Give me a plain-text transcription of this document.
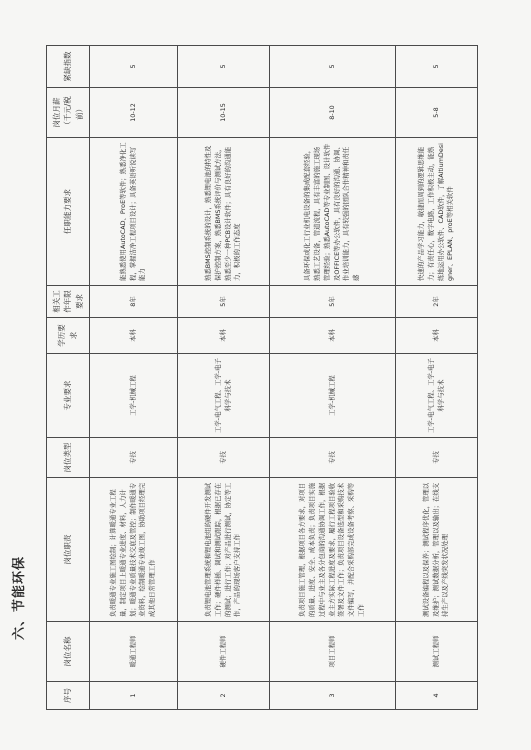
六、节能环保
序号	岗位名称	岗位职责	岗位类型	专业要求	学历要求	相关工作年限要求	任职能力要求	岗位月薪（千元/税前）	紧缺指数
1	暖通工程师	负责暖通专业施工图绘制；计算暖通专业工程量，制定项目上暖通专业进度、材料，人力计划；暖通专业质量技术交底及管控；制作暖通专业资料，绘制暖通专业竣工图，协助项目经理完成其他日常管理工作	专技	工学-机械工程	本科	8年	能熟悉使用AutoCAD、ProE等软件；熟悉净化工程，掌握洁净工程项目设计；具备英语听说读写能力	10-12	5
2	硬件工程师	负责锂电池管理系统和锂电池组的硬件开发测试工作；硬件样插、调试和测试跟踪，根据已存在的测试；进行工作；对产品进行测试，协定等工作，产品的现场客户支持工作	专技	工学-电气工程、工学-电子科学与技术	本科	5年	熟悉BMS控制系统的设计，熟悉锂电池的特性及保护控制方案，熟悉BMS系统评价与测试方法，熟悉至少一种PCB设计软件；具有良好的沟通能力，积极的工作态度	10-15	5
3	项目工程师	负责项目施工管理，根据项目各方要求，对项目的质量、进度、安全、成本负责；负责项目实施过程中与业主及各分包商的沟通协调工作，根据业主方实际工程进度及要求，履行工程项目验收签署及文件工作；负责项目设备选型和采购技术文件编写，并配合采购部完成设备考察、采购等工作	专技	工学-机械工程	本科	5年	具备环保或化工行业机电设备的集成配套经验，熟悉工艺设备，管道流程，具有丰富的施工现场管理经验；熟悉AutoCAD等专业制图、设计软件及OFFICE等办公软件，具有良好的沟通、协调、作业培训能力，具有较强的团队合作精神和责任感	8-10	5
4	测试工程师	测试设备编程以及保养；测试程序优化，管理以及维护；测试数据分析，管理以及输出；在线支持生产以及产线突发状况处理	专技	工学-电气工程、工学-电子科学与技术	本科	2年	快速的产品学习能力，敏捷而周到的逻辑思维能力；有责任心，数字电路，工作积极主动，能熟练地运用办公软件、CAD软件，了解AltiumDesigner、EPLAN、proE等相关软件	5-8	5
